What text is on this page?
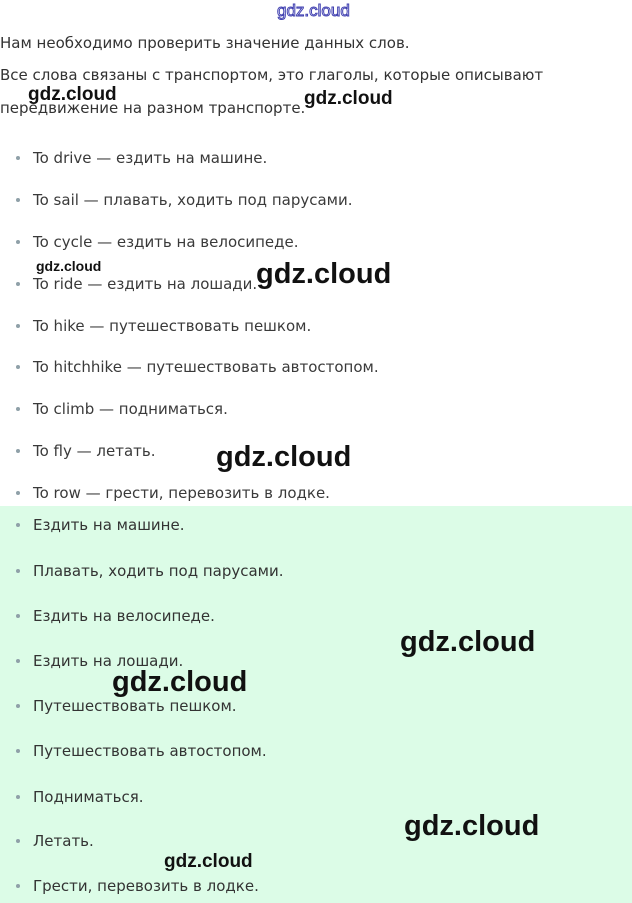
Нам необходимо проверить значение данных слов.

Все слова связаны с транспортом, это глаголы, которые описывают

передвижение на разном транспорте.

To drive — ездить на машине.
To sail — плавать, ходить под парусами.
To cycle — ездить на велосипеде.
To ride — ездить на лошади.
To hike — путешествовать пешком.
To hitchhike — путешествовать автостопом.
To climb — подниматься.
To fly — летать.
To row — грести, перевозить в лодке.
Ездить на машине.
Плавать, ходить под парусами.
Ездить на велосипеде.
Ездить на лошади.
Путешествовать пешком.
Путешествовать автостопом.
Подниматься.
Летать.
Грести, перевозить в лодке.
gdz.cloud
gdz.cloud	gdz.cloud
gdz.cloud	gdz.cloud
gdz.cloud
gdz.cloud
gdz.cloud
gdz.cloud
gdz.cloud
